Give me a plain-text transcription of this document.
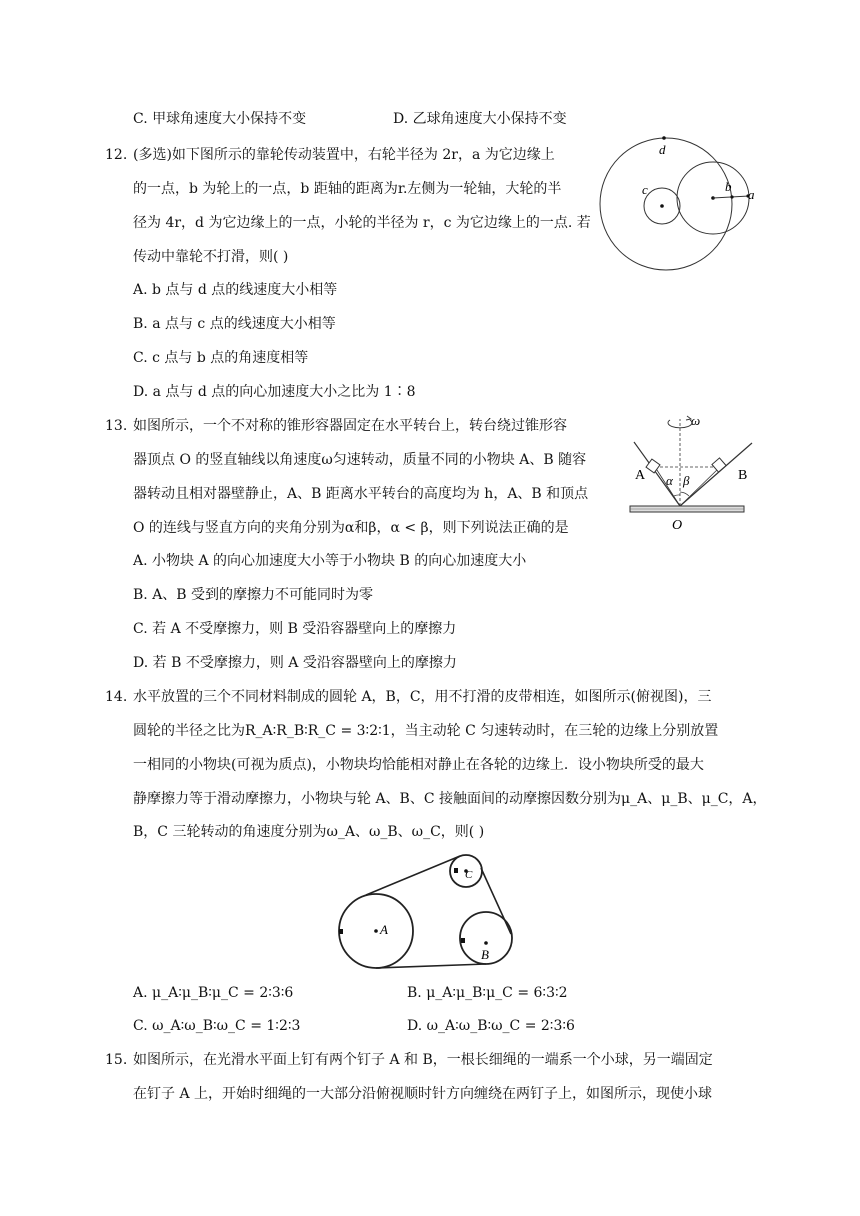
C. 甲球角速度大小保持不变	D. 乙球角速度大小保持不变
12. (多选)如下图所示的靠轮传动装置中，右轮半径为 2r，a 为它边缘上
的一点，b 为轮上的一点，b 距轴的距离为r.左侧为一轮轴，大轮的半
径为 4r，d 为它边缘上的一点，小轮的半径为 r，c 为它边缘上的一点. 若
传动中靠轮不打滑，则( )
A. b 点与 d 点的线速度大小相等
B. a 点与 c 点的线速度大小相等
C. c 点与 b 点的角速度相等
D. a 点与 d 点的向心加速度大小之比为 1∶8
d
c	b
a
13. 如图所示，一个不对称的锥形容器固定在水平转台上，转台绕过锥形容
器顶点 O 的竖直轴线以角速度ω匀速转动，质量不同的小物块 A、B 随容
器转动且相对器壁静止，A、B 距离水平转台的高度均为 h，A、B 和顶点
O 的连线与竖直方向的夹角分别为α和β，α < β，则下列说法正确的是
A. 小物块 A 的向心加速度大小等于小物块 B 的向心加速度大小
B. A、B 受到的摩擦力不可能同时为零
C. 若 A 不受摩擦力，则 B 受沿容器壁向上的摩擦力
D. 若 B 不受摩擦力，则 A 受沿容器壁向上的摩擦力
ω
A	B
α β
O
14. 水平放置的三个不同材料制成的圆轮 A，B，C，用不打滑的皮带相连，如图所示(俯视图)，三
圆轮的半径之比为R_A∶R_B∶R_C = 3∶2∶1，当主动轮 C 匀速转动时，在三轮的边缘上分别放置
一相同的小物块(可视为质点)，小物块均恰能相对静止在各轮的边缘上．设小物块所受的最大
静摩擦力等于滑动摩擦力，小物块与轮 A、B、C 接触面间的动摩擦因数分别为μ_A、μ_B、μ_C，A，
B，C 三轮转动的角速度分别为ω_A、ω_B、ω_C，则( )
A
B
C
A. μ_A∶μ_B∶μ_C = 2∶3∶6	B. μ_A∶μ_B∶μ_C = 6∶3∶2
C. ω_A∶ω_B∶ω_C = 1∶2∶3	D. ω_A∶ω_B∶ω_C = 2∶3∶6
15. 如图所示，在光滑水平面上钉有两个钉子 A 和 B，一根长细绳的一端系一个小球，另一端固定
在钉子 A 上，开始时细绳的一大部分沿俯视顺时针方向缠绕在两钉子上，如图所示，现使小球
